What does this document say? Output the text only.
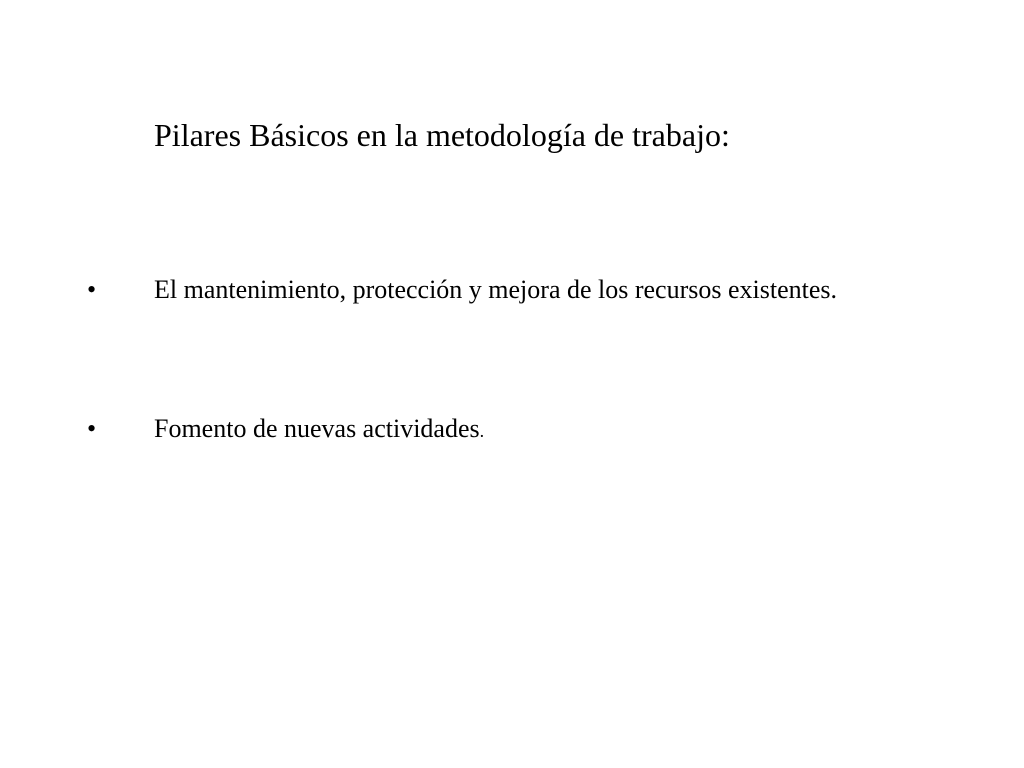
Pilares Básicos en la metodología de trabajo:
• El mantenimiento, protección y mejora de los recursos existentes.
• Fomento de nuevas actividades.
